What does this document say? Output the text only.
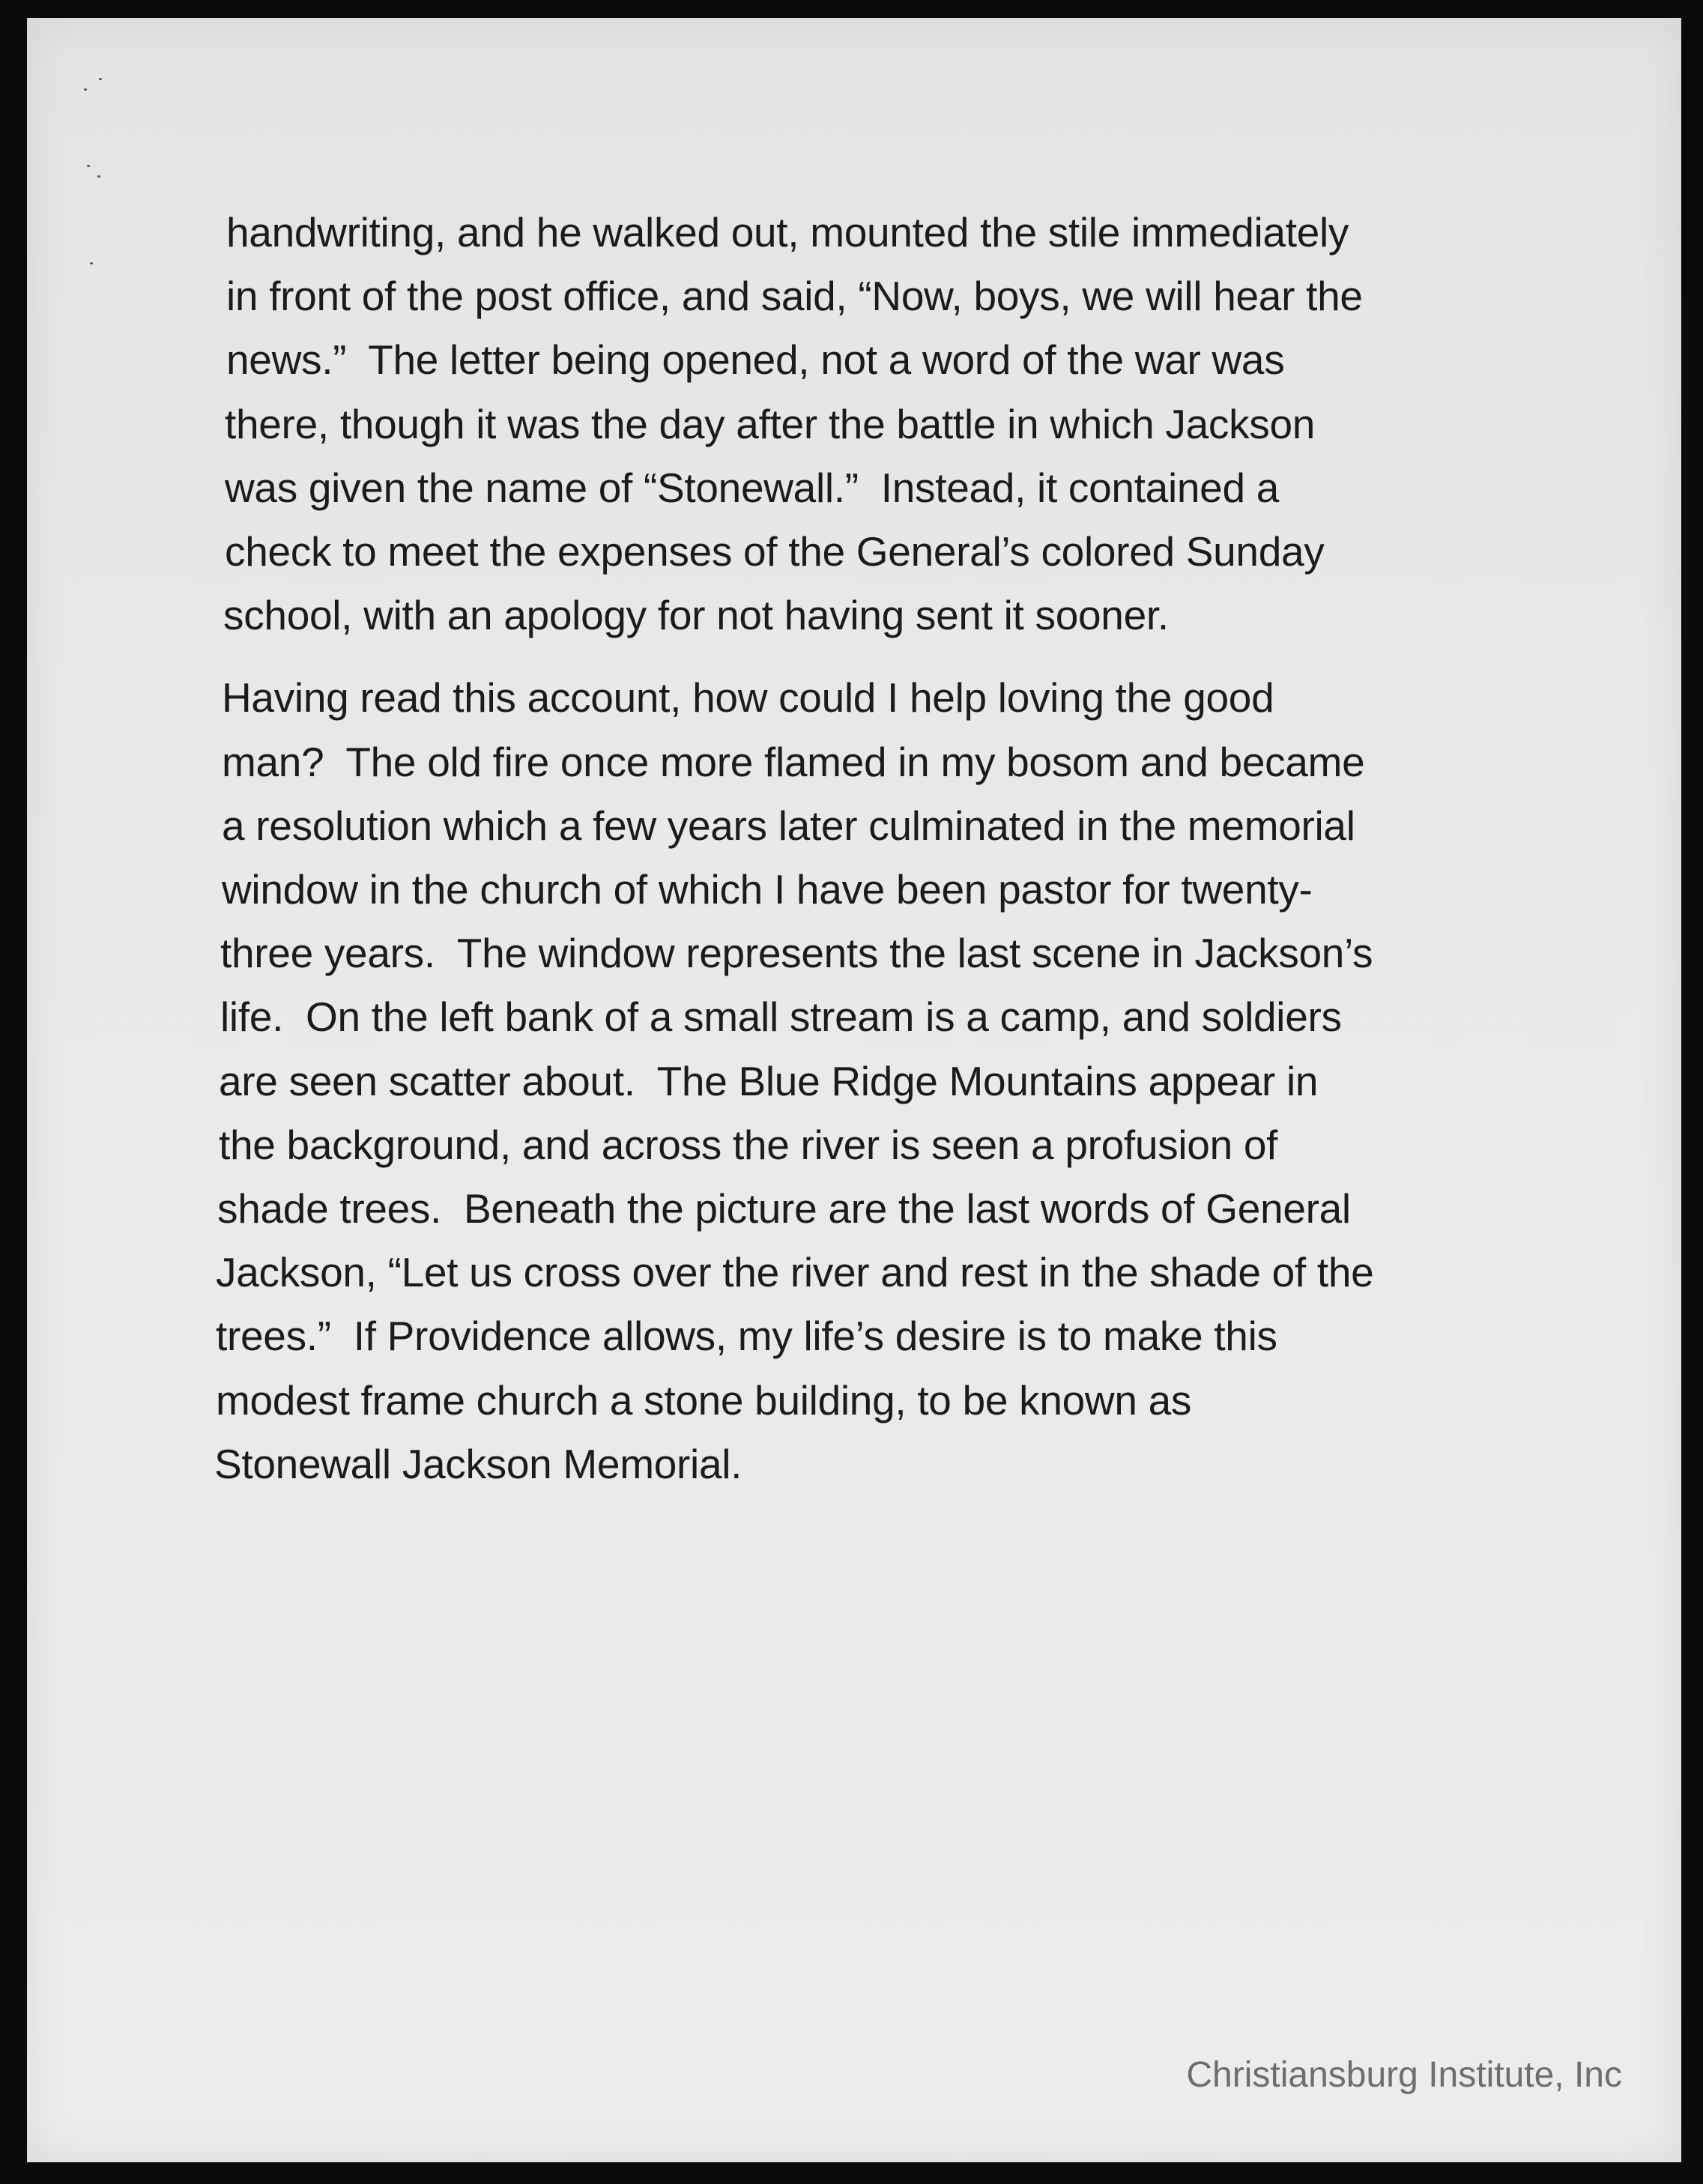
handwriting, and he walked out, mounted the stile immediately
in front of the post office, and said, “Now, boys, we will hear the
news.”  The letter being opened, not a word of the war was
there, though it was the day after the battle in which Jackson
was given the name of “Stonewall.”  Instead, it contained a
check to meet the expenses of the General’s colored Sunday
school, with an apology for not having sent it sooner.

Having read this account, how could I help loving the good
man?  The old fire once more flamed in my bosom and became
a resolution which a few years later culminated in the memorial
window in the church of which I have been pastor for twenty-
three years.  The window represents the last scene in Jackson’s
life.  On the left bank of a small stream is a camp, and soldiers
are seen scatter about.  The Blue Ridge Mountains appear in
the background, and across the river is seen a profusion of
shade trees.  Beneath the picture are the last words of General
Jackson, “Let us cross over the river and rest in the shade of the
trees.”  If Providence allows, my life’s desire is to make this
modest frame church a stone building, to be known as
Stonewall Jackson Memorial.

Christiansburg Institute, Inc
